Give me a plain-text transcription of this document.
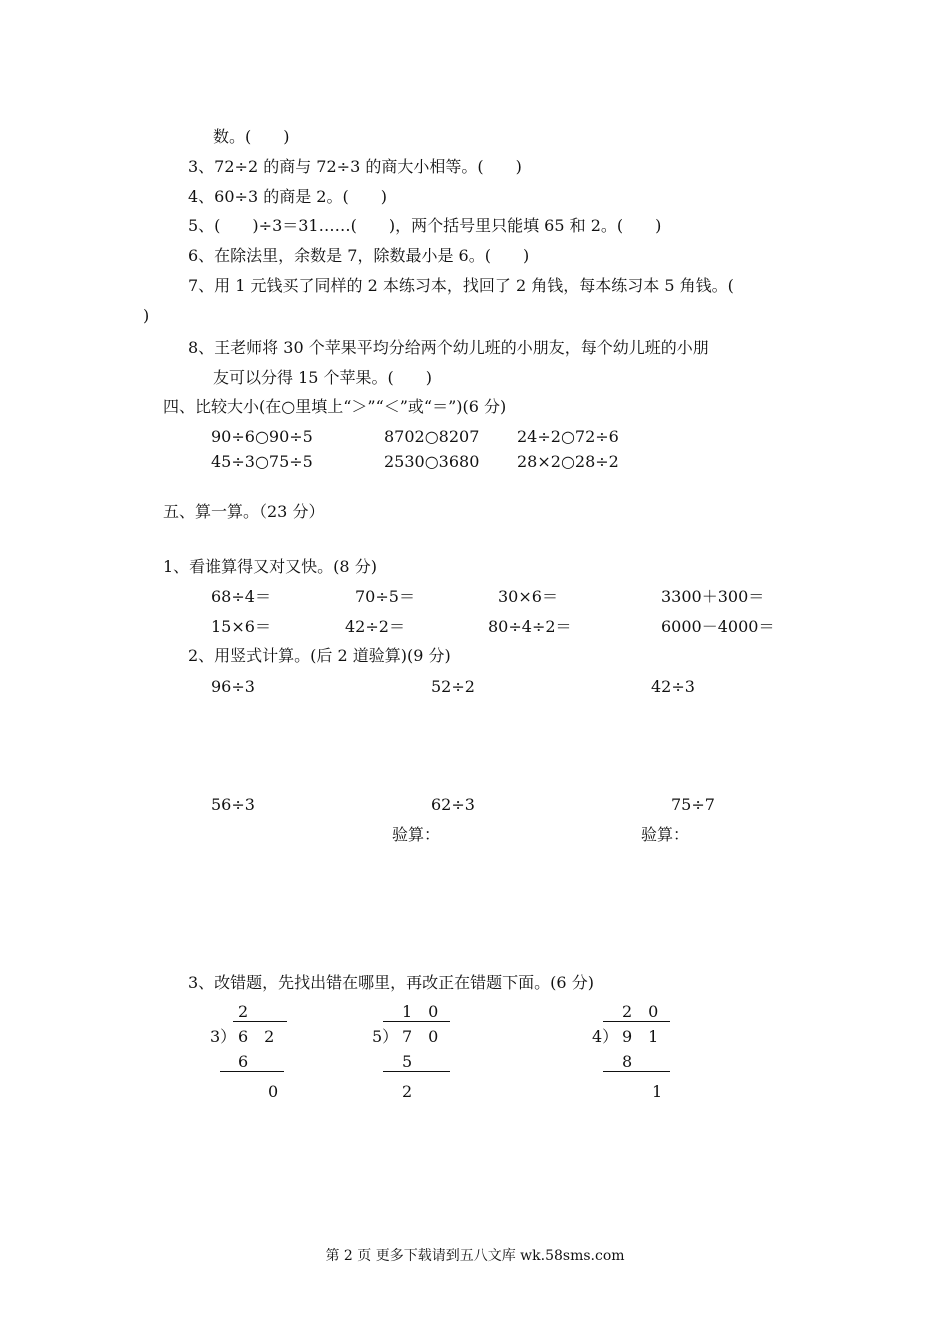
数。(　　)
3、72÷2 的商与 72÷3 的商大小相等。(　　)
4、60÷3 的商是 2。(　　)
5、(　　)÷3＝31……(　　)，两个括号里只能填 65 和 2。(　　)
6、在除法里，余数是 7，除数最小是 6。(　　)
7、用 1 元钱买了同样的 2 本练习本，找回了 2 角钱，每本练习本 5 角钱。(
)
8、王老师将 30 个苹果平均分给两个幼儿班的小朋友，每个幼儿班的小朋
友可以分得 15 个苹果。(　　)
四、比较大小(在○里填上“＞”“＜”或“＝”)(6 分)
90÷6○90÷5	8702○8207 24÷2○72÷6
45÷3○75÷5	2530○3680 28×2○28÷2
五、算一算。（23 分）
1、看谁算得又对又快。(8 分)
68÷4＝	70÷5＝	30×6＝	3300＋300＝
15×6＝	42÷2＝	80÷4÷2＝	6000－4000＝
2、用竖式计算。(后 2 道验算)(9 分)
96÷3	52÷2	42÷3
56÷3	62÷3	75÷7
验算：	验算：
3、改错题，先找出错在哪里，再改正在错题下面。(6 分)
2
3） 6　2
6
0
1　0
5） 7　0
5
2
2　0
4） 9　1
8
1
第 2 页 更多下载请到五八文库 wk.58sms.com
